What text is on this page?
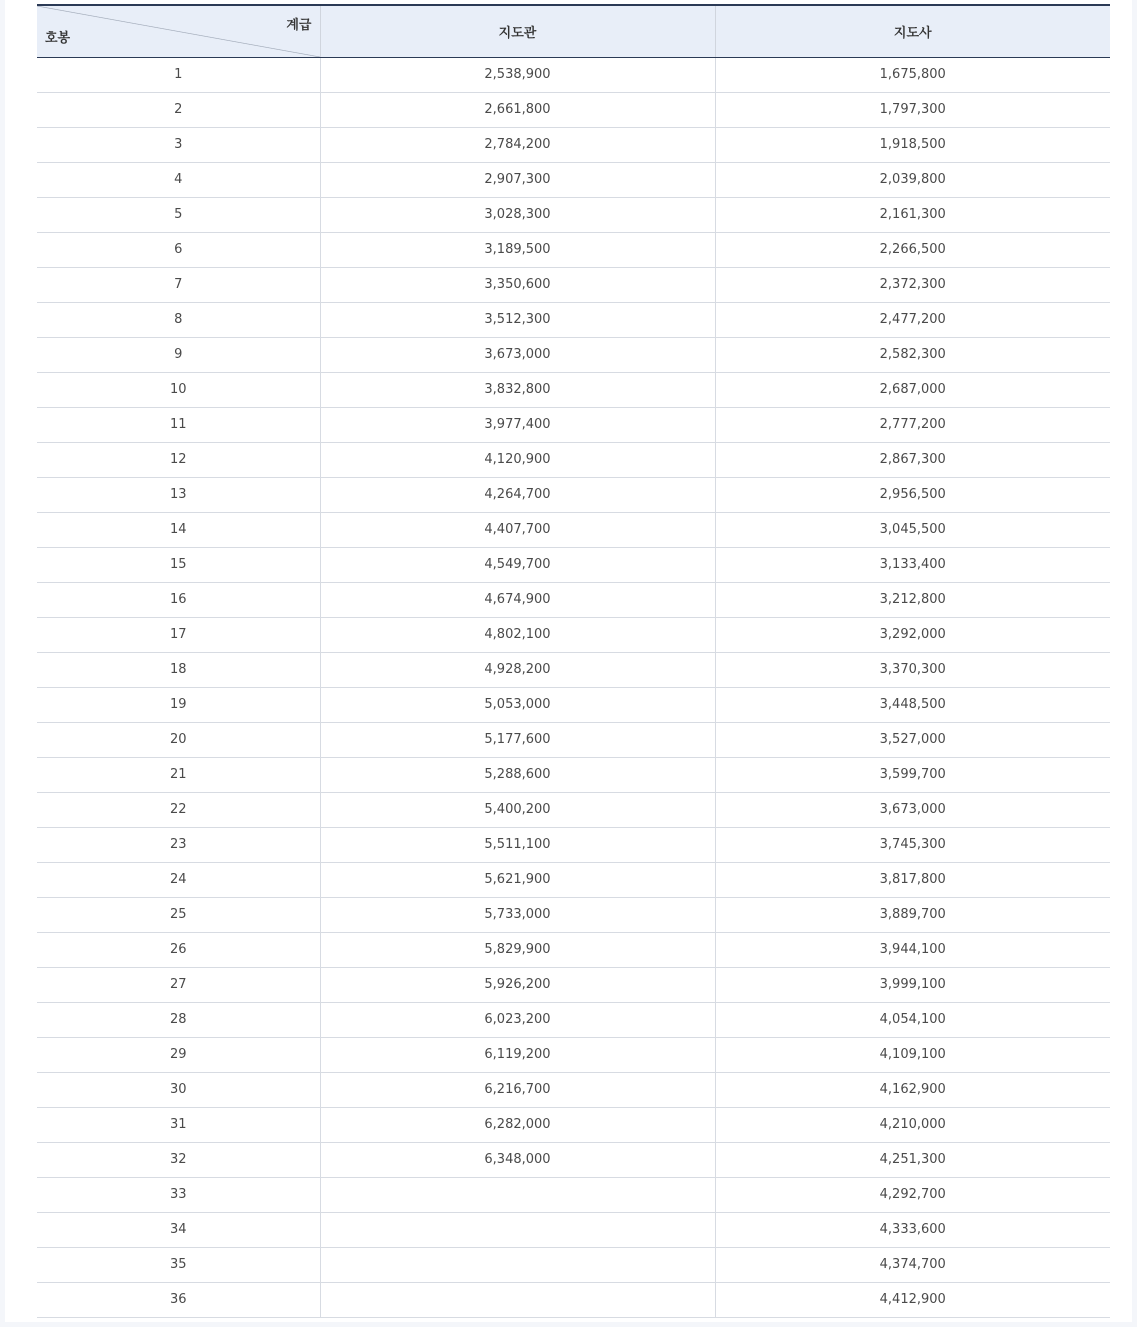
계급
호봉	지도관	지도사
1	2,538,900	1,675,800
2	2,661,800	1,797,300
3	2,784,200	1,918,500
4	2,907,300	2,039,800
5	3,028,300	2,161,300
6	3,189,500	2,266,500
7	3,350,600	2,372,300
8	3,512,300	2,477,200
9	3,673,000	2,582,300
10	3,832,800	2,687,000
11	3,977,400	2,777,200
12	4,120,900	2,867,300
13	4,264,700	2,956,500
14	4,407,700	3,045,500
15	4,549,700	3,133,400
16	4,674,900	3,212,800
17	4,802,100	3,292,000
18	4,928,200	3,370,300
19	5,053,000	3,448,500
20	5,177,600	3,527,000
21	5,288,600	3,599,700
22	5,400,200	3,673,000
23	5,511,100	3,745,300
24	5,621,900	3,817,800
25	5,733,000	3,889,700
26	5,829,900	3,944,100
27	5,926,200	3,999,100
28	6,023,200	4,054,100
29	6,119,200	4,109,100
30	6,216,700	4,162,900
31	6,282,000	4,210,000
32	6,348,000	4,251,300
33		4,292,700
34		4,333,600
35		4,374,700
36		4,412,900
